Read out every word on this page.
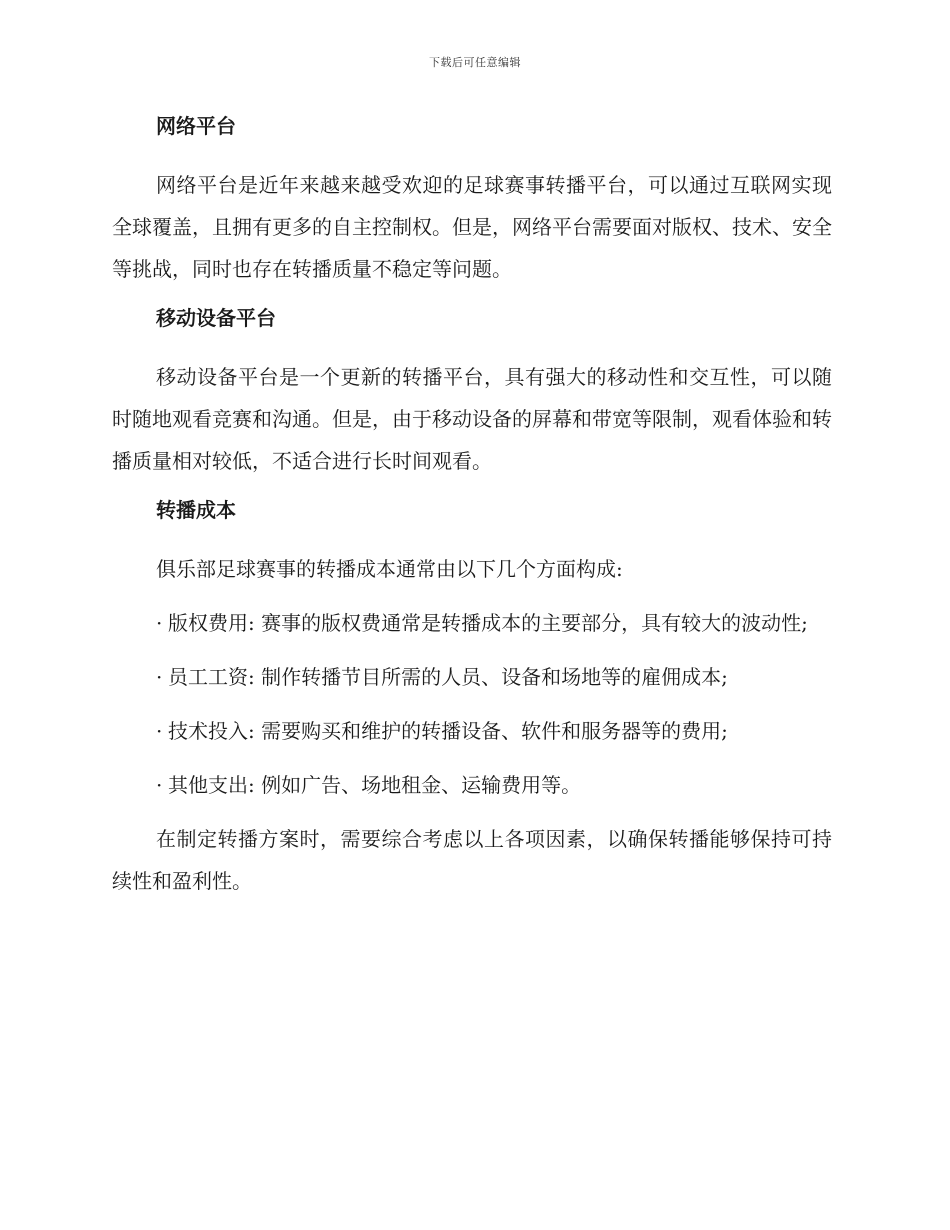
下载后可任意编辑
网络平台

网络平台是近年来越来越受欢迎的足球赛事转播平台，可以通过互联网实现全球覆盖，且拥有更多的自主控制权。但是，网络平台需要面对版权、技术、安全等挑战，同时也存在转播质量不稳定等问题。

移动设备平台

移动设备平台是一个更新的转播平台，具有强大的移动性和交互性，可以随时随地观看竞赛和沟通。但是，由于移动设备的屏幕和带宽等限制，观看体验和转播质量相对较低，不适合进行长时间观看。

转播成本

俱乐部足球赛事的转播成本通常由以下几个方面构成:

· 版权费用: 赛事的版权费通常是转播成本的主要部分，具有较大的波动性;

· 员工工资: 制作转播节目所需的人员、设备和场地等的雇佣成本;

· 技术投入: 需要购买和维护的转播设备、软件和服务器等的费用;

· 其他支出: 例如广告、场地租金、运输费用等。

在制定转播方案时，需要综合考虑以上各项因素，以确保转播能够保持可持续性和盈利性。
